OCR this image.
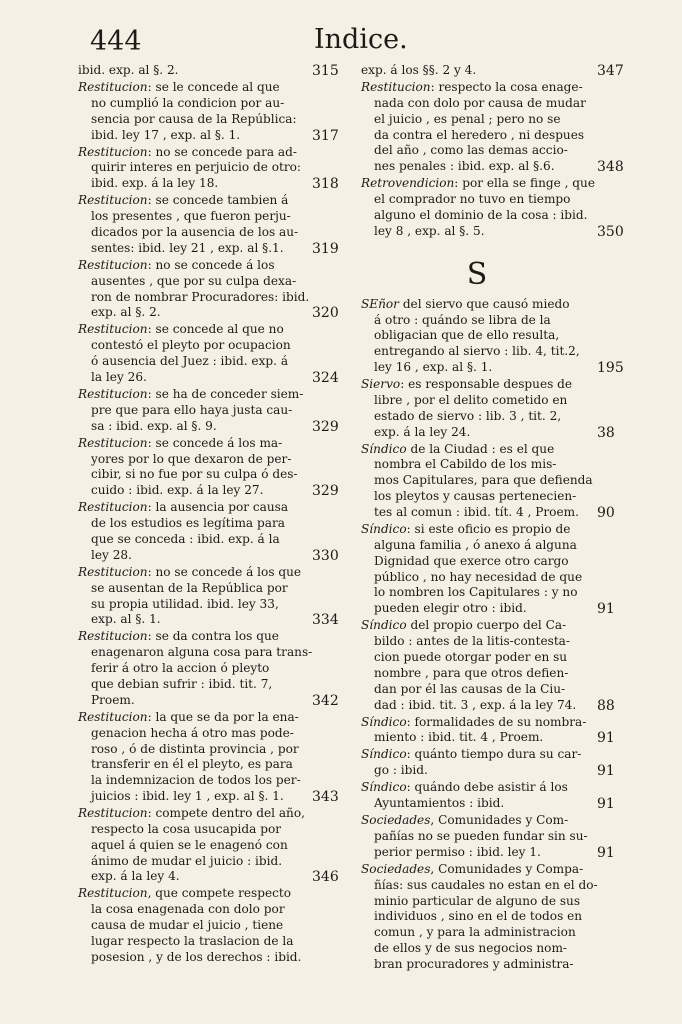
444	Indice.
ibid. exp. al §. 2.	315
Restitucion: se le concede al que
no cumplió la condicion por au-
sencia por causa de la República:
ibid. ley 17 , exp. al §. 1.	317
Restitucion: no se concede para ad-
quirir interes en perjuicio de otro:
ibid. exp. á la ley 18.	318
Restitucion: se concede tambien á
los presentes , que fueron perju-
dicados por la ausencia de los au-
sentes: ibid. ley 21 , exp. al §.1.	319
Restitucion: no se concede á los
ausentes , que por su culpa dexa-
ron de nombrar Procuradores: ibid.
exp. al §. 2.	320
Restitucion: se concede al que no
contestó el pleyto por ocupacion
ó ausencia del Juez : ibid. exp. á
la ley 26.	324
Restitucion: se ha de conceder siem-
pre que para ello haya justa cau-
sa : ibid. exp. al §. 9.	329
Restitucion: se concede á los ma-
yores por lo que dexaron de per-
cibir, si no fue por su culpa ó des-
cuido : ibid. exp. á la ley 27.	329
Restitucion: la ausencia por causa
de los estudios es legítima para
que se conceda : ibid. exp. á la
ley 28.	330
Restitucion: no se concede á los que
se ausentan de la República por
su propia utilidad. ibid. ley 33,
exp. al §. 1.	334
Restitucion: se da contra los que
enagenaron alguna cosa para trans-
ferir á otro la accion ó pleyto
que debian sufrir : ibid. tit. 7,
Proem.	342
Restitucion: la que se da por la ena-
genacion hecha á otro mas pode-
roso , ó de distinta provincia , por
transferir en él el pleyto, es para
la indemnizacion de todos los per-
juicios : ibid. ley 1 , exp. al §. 1.	343
Restitucion: compete dentro del año,
respecto la cosa usucapida por
aquel á quien se le enagenó con
ánimo de mudar el juicio : ibid.
exp. á la ley 4.	346
Restitucion, que compete respecto
la cosa enagenada con dolo por
causa de mudar el juicio , tiene
lugar respecto la traslacion de la
posesion , y de los derechos : ibid.
exp. á los §§. 2 y 4.	347
Restitucion: respecto la cosa enage-
nada con dolo por causa de mudar
el juicio , es penal ; pero no se
da contra el heredero , ni despues
del año , como las demas accio-
nes penales : ibid. exp. al §.6.	348
Retrovendicion: por ella se finge , que
el comprador no tuvo en tiempo
alguno el dominio de la cosa : ibid.
ley 8 , exp. al §. 5.	350
S
SEñor del siervo que causó miedo
á otro : quándo se libra de la
obligacian que de ello resulta,
entregando al siervo : lib. 4, tit.2,
ley 16 , exp. al §. 1.	195
Siervo: es responsable despues de
libre , por el delito cometido en
estado de siervo : lib. 3 , tit. 2,
exp. á la ley 24.	38
Síndico de la Ciudad : es el que
nombra el Cabildo de los mis-
mos Capitulares, para que defienda
los pleytos y causas pertenecien-
tes al comun : ibid. tít. 4 , Proem.	90
Síndico: si este oficio es propio de
alguna familia , ó anexo á alguna
Dignidad que exerce otro cargo
público , no hay necesidad de que
lo nombren los Capitulares : y no
pueden elegir otro : ibid.	91
Síndico del propio cuerpo del Ca-
bildo : antes de la litis-contesta-
cion puede otorgar poder en su
nombre , para que otros defien-
dan por él las causas de la Ciu-
dad : ibid. tit. 3 , exp. á la ley 74.	88
Síndico: formalidades de su nombra-
miento : ibid. tit. 4 , Proem.	91
Síndico: quánto tiempo dura su car-
go : ibid.	91
Síndico: quándo debe asistir á los
Ayuntamientos : ibid.	91
Sociedades, Comunidades y Com-
pañías no se pueden fundar sin su-
perior permiso : ibid. ley 1.	91
Sociedades, Comunidades y Compa-
ñías: sus caudales no estan en el do-
minio particular de alguno de sus
individuos , sino en el de todos en
comun , y para la administracion
de ellos y de sus negocios nom-
bran procuradores y administra-
